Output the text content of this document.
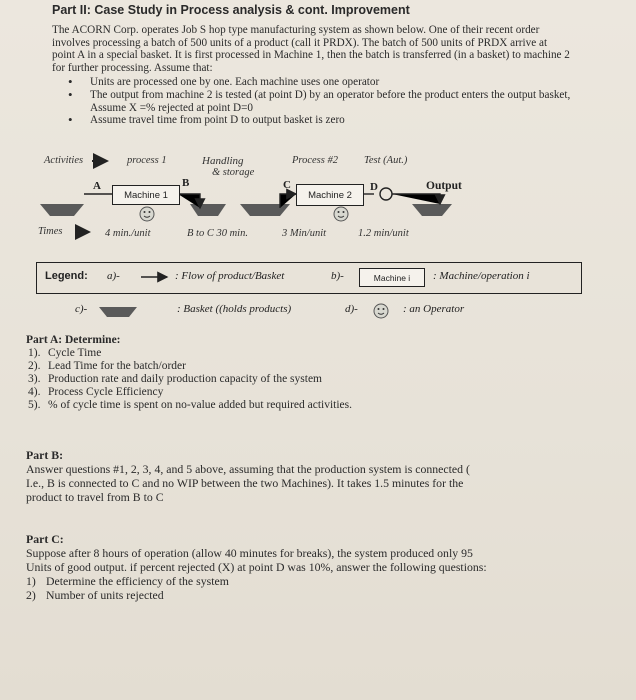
Part II: Case Study in Process analysis & cont. Improvement

The ACORN Corp. operates Job S hop type manufacturing system as shown below. One of their recent order involves processing a batch of 500 units of a product (call it PRDX). The batch of 500 units of PRDX arrive at point A in a special basket. It is first processed in Machine 1, then the batch is transferred (in a basket) to machine 2 for further processing. Assume that:

• Units are processed one by one. Each machine uses one operator
• The output from machine 2 is tested (at point D) by an operator before the product enters the output basket, Assume X =% rejected at point D=0
• Assume travel time from point D to output basket is zero
Activities	process 1	Handling
& storage
Process #2 Test (Aut.)
A
Machine 1
B	C
Machine 2
D	Output
Times	4 min./unit	B to C 30 min.	3 Min/unit	1.2 min/unit
Legend: a)-	: Flow of product/Basket	b)-	Machine i	: Machine/operation i
c)-	: Basket ((holds products)	d)-	: an Operator
Part A: Determine:
1). Cycle Time
2). Lead Time for the batch/order
3). Production rate and daily production capacity of the system
4). Process Cycle Efficiency
5). % of cycle time is spent on no-value added but required activities.
Part B:
Answer questions #1, 2, 3, 4, and 5 above, assuming that the production system is connected (
I.e., B is connected to C and no WIP between the two Machines). It takes 1.5 minutes for the
product to travel from B to C
Part C:
Suppose after 8 hours of operation (allow 40 minutes for breaks), the system produced only 95
Units of good output. if percent rejected (X) at point D was 10%, answer the following questions:
1) Determine the efficiency of the system
2) Number of units rejected
